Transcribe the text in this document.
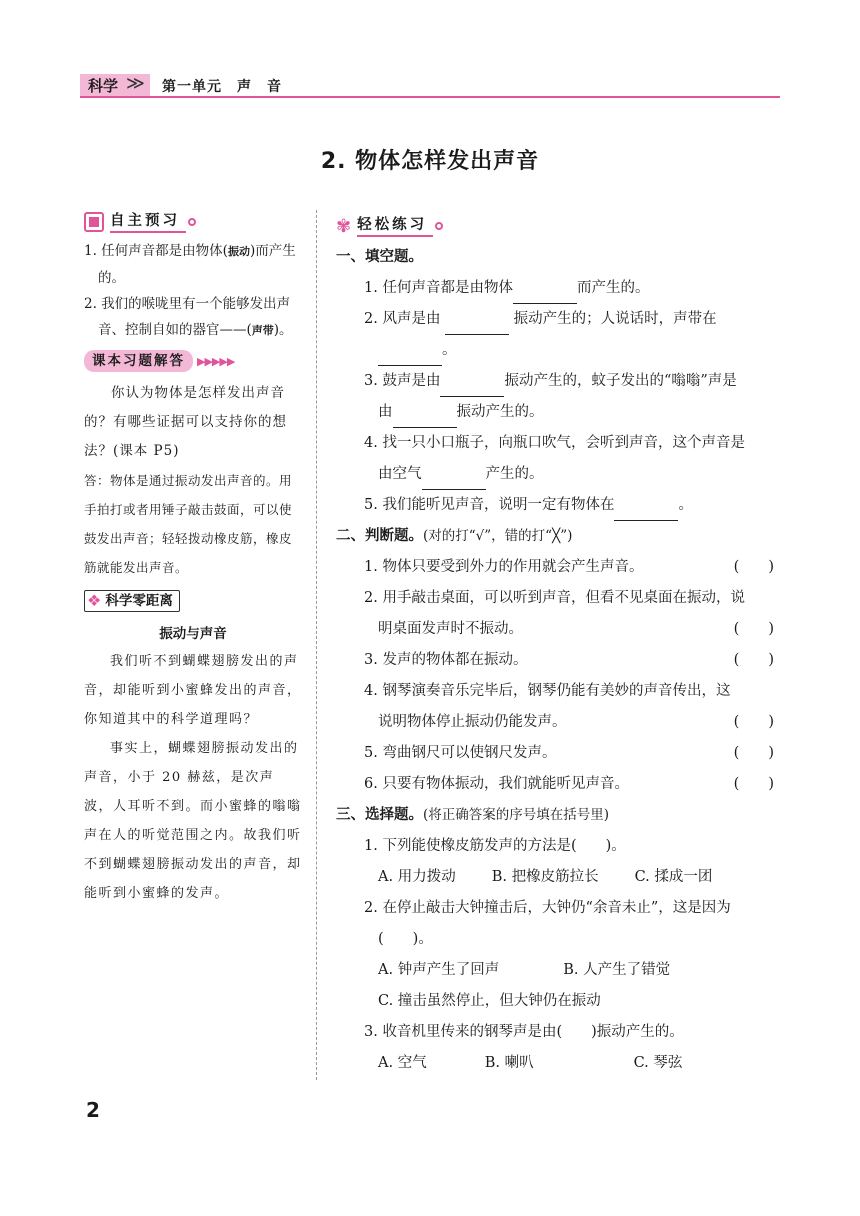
科学 ≫ 第一单元　声　音
2. 物体怎样发出声音
自主预习
1. 任何声音都是由物体(振动)而产生的。
2. 我们的喉咙里有一个能够发出声音、控制自如的器官——(声带)。
课本习题解答 ▶▶▶▶▶
你认为物体是怎样发出声音的？有哪些证据可以支持你的想法？(课本 P5)
答：物体是通过振动发出声音的。用手拍打或者用锤子敲击鼓面，可以使鼓发出声音；轻轻拨动橡皮筋，橡皮筋就能发出声音。
❖ 科学零距离
振动与声音
我们听不到蝴蝶翅膀发出的声音，却能听到小蜜蜂发出的声音，你知道其中的科学道理吗？
事实上，蝴蝶翅膀振动发出的声音，小于 20 赫兹，是次声波，人耳听不到。而小蜜蜂的嗡嗡声在人的听觉范围之内。故我们听不到蝴蝶翅膀振动发出的声音，却能听到小蜜蜂的发声。
✾ 轻松练习
一、填空题。
1. 任何声音都是由物体	而产生的。
2. 风声是由	振动产生的；人说话时，声带在
。
3. 鼓声是由	振动产生的，蚊子发出的“嗡嗡”声是
由	振动产生的。
4. 找一只小口瓶子，向瓶口吹气，会听到声音，这个声音是
由空气	产生的。
5. 我们能听见声音，说明一定有物体在	。
二、判断题。(对的打“√”，错的打“╳”)
1. 物体只要受到外力的作用就会产生声音。	(　　)
2. 用手敲击桌面，可以听到声音，但看不见桌面在振动，说
明桌面发声时不振动。	(　　)
3. 发声的物体都在振动。	(　　)
4. 钢琴演奏音乐完毕后，钢琴仍能有美妙的声音传出，这
说明物体停止振动仍能发声。	(　　)
5. 弯曲钢尺可以使钢尺发声。	(　　)
6. 只要有物体振动，我们就能听见声音。	(　　)
三、选择题。(将正确答案的序号填在括号里)
1. 下列能使橡皮筋发声的方法是(　　)。
A. 用力拨动 B. 把橡皮筋拉长 C. 揉成一团
2. 在停止敲击大钟撞击后，大钟仍“余音未止”，这是因为
(　　)。
A. 钟声产生了回声	B. 人产生了错觉
C. 撞击虽然停止，但大钟仍在振动
3. 收音机里传来的钢琴声是由(　　)振动产生的。
A. 空气	B. 喇叭	C. 琴弦
2
